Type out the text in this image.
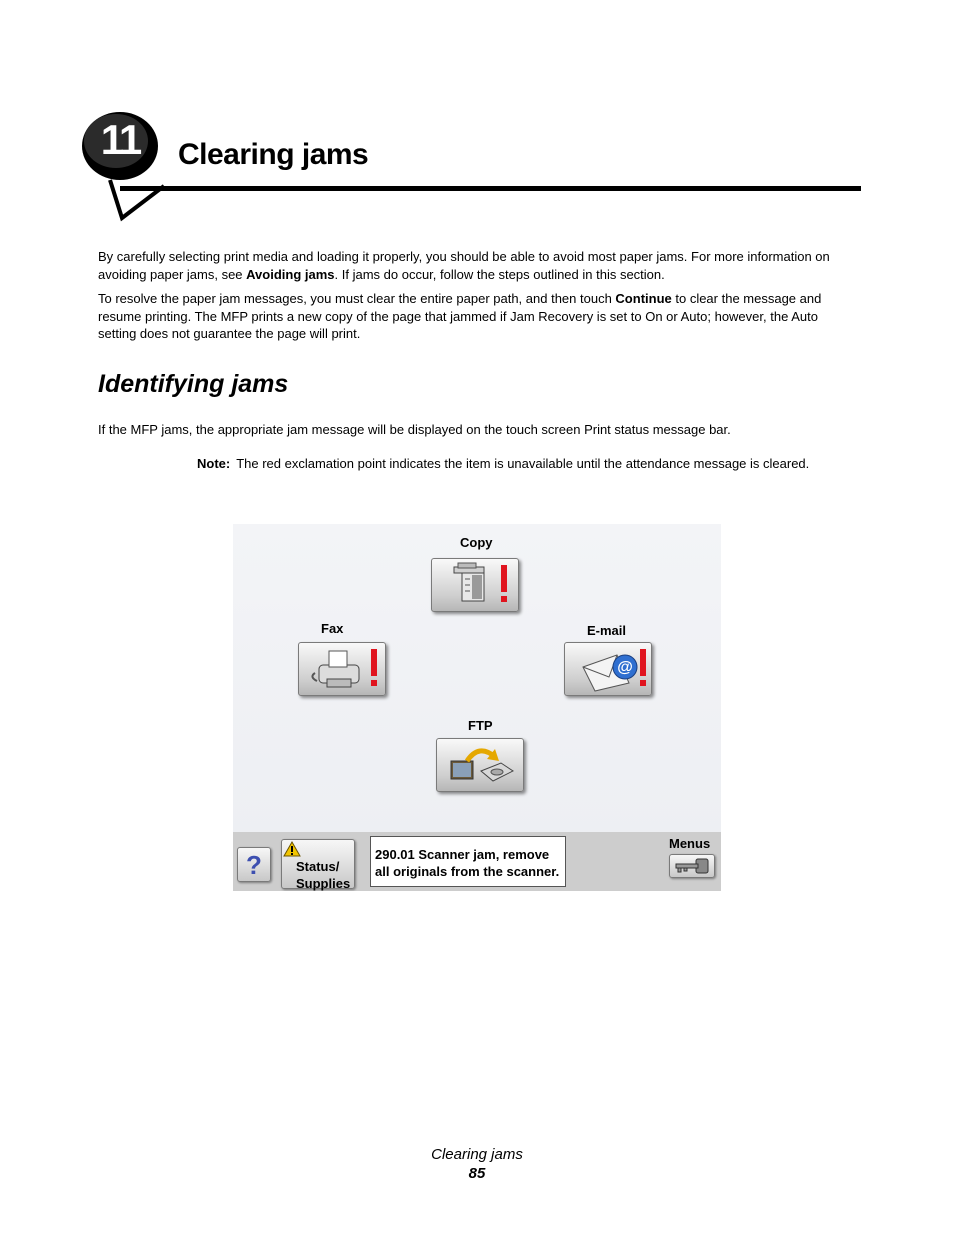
11 Clearing jams

By carefully selecting print media and loading it properly, you should be able to avoid most paper jams. For more information on avoiding paper jams, see Avoiding jams. If jams do occur, follow the steps outlined in this section.

To resolve the paper jam messages, you must clear the entire paper path, and then touch Continue to clear the message and resume printing. The MFP prints a new copy of the page that jammed if Jam Recovery is set to On or Auto; however, the Auto setting does not guarantee the page will print.

Identifying jams

If the MFP jams, the appropriate jam message will be displayed on the touch screen Print status message bar.

Note: The red exclamation point indicates the item is unavailable until the attendance message is cleared.
Copy
Fax	E-mail
@
FTP
?	Status/
Supplies
290.01 Scanner jam, remove
all originals from the scanner.
Menus
Clearing jams
85
